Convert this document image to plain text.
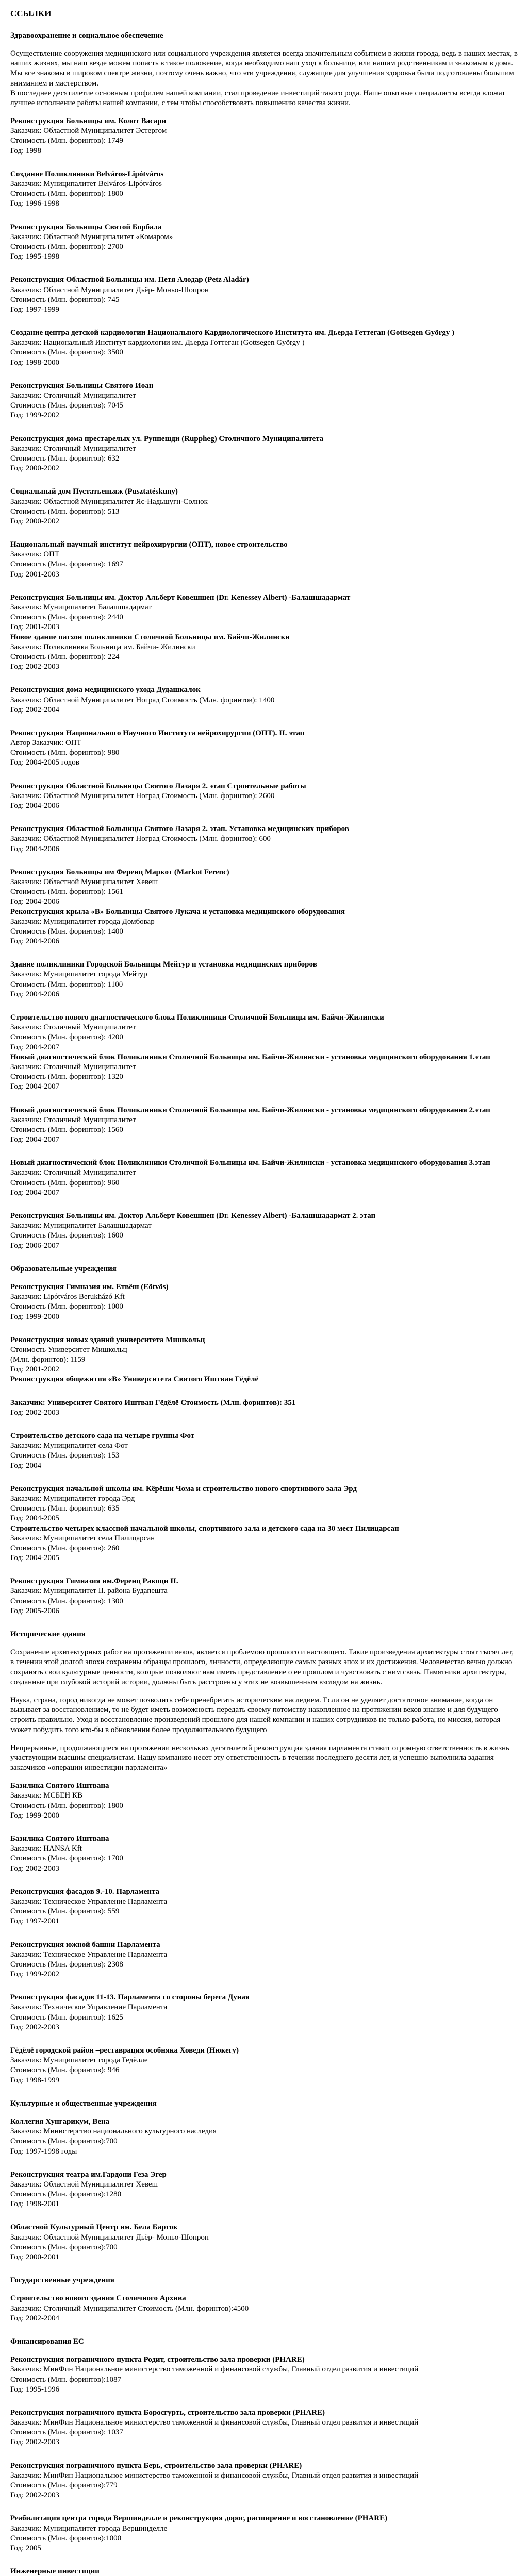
ССЫЛКИ
Здравоохранение и социальное обеспечение

Осуществление сооружения медицинского или социального учреждения является всегда значительным событием в жизни города, ведь в наших местах, в наших жизнях, мы наш везде можем попасть в такое положение, когда необходимо наш уход к больнице, или нашим родственникам и знакомым в дома. Мы все знакомы в широком спектре жизни, поэтому очень важно, что эти учреждения, служащие для улучшения здоровья были подготовлены большим вниманием и мастерством.
В последнее десятилетие основным профилем нашей компании, стал проведение инвестиций такого рода. Наше опытные специалисты всегда вложат лучшее исполнение работы нашей компании, с тем чтобы способствовать повышению качества жизни.

Реконструкция Больницы им. Колот Васари
Заказчик: Областной Муниципалитет Эстергом
Стоимость (Млн. форинтов): 1749
Год: 1998
Создание Поликлиники Belváros-Lipótváros
Заказчик: Муниципалитет Belváros-Lipótváros
Стоимость (Млн. форинтов): 1800
Год: 1996-1998
Реконструкция Больницы Святой Борбала
Заказчик: Областной Муниципалитет «Комаром»
Стоимость (Млн. форинтов): 2700
Год: 1995-1998
Реконструкция Областной Больницы им. Петя Алодар (Petz Aladár)
Заказчик: Областной Муниципалитет Дьёр- Моньо-Шопрон
Стоимость (Млн. форинтов): 745
Год: 1997-1999
Создание центра детской кардиологии Национального Кардиологического Института им. Дьерда Геттеган (Gottsegen György )
Заказчик: Национальный Институт кардиологии им. Дьерда Готтеган (Gottsegen György )
Стоимость (Млн. форинтов): 3500
Год: 1998-2000
Реконструкция Больницы Святого Иоан
Заказчик: Столичный Муниципалитет
Стоимость (Млн. форинтов): 7045
Год: 1999-2002
Реконструкция дома престарелых ул. Руппешди (Ruppheg) Столичного Муниципалитета
Заказчик: Столичный Муниципалитет
Стоимость (Млн. форинтов): 632
Год: 2000-2002
Социальный дом Пустатьеньяж (Pusztatéskuny)
Заказчик: Областной Муниципалитет Яс-Надьшугн-Солнок
Стоимость (Млн. форинтов): 513
Год: 2000-2002
Национальный научный институт нейрохирургии (ОПТ), новое строительство
Заказчик: ОПТ
Стоимость (Млн. форинтов): 1697
Год: 2001-2003
Реконструкция Больницы им. Доктор Альберт Ковешшен (Dr. Kenessey Albert) -Балашшадармат
Заказчик: Муниципалитет Балашшадармат
Стоимость (Млн. форинтов): 2440
Год: 2001-2003
Новое здание патхон поликлиники Столичной Больницы им. Байчи-Жилински
Заказчик: Поликлиника Больница им. Байчи- Жилински
Стоимость (Млн. форинтов): 224
Год: 2002-2003
Реконструкция дома медицинского ухода Дудашкалок
Заказчик: Областной Муниципалитет Ноград Стоимость (Млн. форинтов): 1400
Год: 2002-2004
Реконструкция Национального Научного Института нейрохирургии (ОПТ). II. этап
Автор Заказчик: ОПТ
Стоимость (Млн. форинтов): 980
Год: 2004-2005 годов
Реконструкция Областной Больницы Святого Лазаря 2. этап Строительные работы
Заказчик: Областной Муниципалитет Ноград Стоимость (Млн. форинтов): 2600
Год: 2004-2006
Реконструкция Областной Больницы Святого Лазаря 2. этап. Установка медицинских приборов
Заказчик: Областной Муниципалитет Ноград Стоимость (Млн. форинтов): 600
Год: 2004-2006
Реконструкция Больницы им Ференц Маркот (Markot Ferenc)
Заказчик: Областной Муниципалитет Хевеш
Стоимость (Млн. форинтов): 1561
Год: 2004-2006
Реконструкция крыла «В» Больницы Святого Лукача и установка медицинского оборудования
Заказчик: Муниципалитет города Домбовар
Стоимость (Млн. форинтов): 1400
Год: 2004-2006
Здание поликлиники Городской Больницы Мейтур и установка медицинских приборов
Заказчик: Муниципалитет города Мейтур
Стоимость (Млн. форинтов): 1100
Год: 2004-2006
Строительство нового диагностического блока Поликлиники Столичной Больницы им. Байчи-Жилински
Заказчик: Столичный Муниципалитет
Стоимость (Млн. форинтов): 4200
Год: 2004-2007
Новый диагностический блок Поликлиники Столичной Больницы им. Байчи-Жилински - установка медицинского оборудования 1.этап
Заказчик: Столичный Муниципалитет
Стоимость (Млн. форинтов): 1320
Год: 2004-2007
Новый диагностический блок Поликлиники Столичной Больницы им. Байчи-Жилински - установка медицинского оборудования 2.этап
Заказчик: Столичный Муниципалитет
Стоимость (Млн. форинтов): 1560
Год: 2004-2007
Новый диагностический блок Поликлиники Столичной Больницы им. Байчи-Жилински - установка медицинского оборудования 3.этап
Заказчик: Столичный Муниципалитет
Стоимость (Млн. форинтов): 960
Год: 2004-2007
Реконструкция Больницы им. Доктор Альберт Ковешшен (Dr. Kenessey Albert) -Балашшадармат 2. этап
Заказчик: Муниципалитет Балашшадармат
Стоимость (Млн. форинтов): 1600
Год: 2006-2007
Образовательные учреждения
Реконструкция Гимназия им. Етвёш (Eötvös)
Заказчик: Lipótváros Berukházó Kft
Стоимость (Млн. форинтов): 1000
Год: 1999-2000
Реконструкция новых зданий университета Мишкольц
Стоимость Университет Мишкольц
(Млн. форинтов): 1159
Год: 2001-2002
Реконструкция общежития «В» Университета Святого Иштван Гёдёлё
Заказчик: Университет Святого Иштван Гёдёлё Стоимость (Млн. форинтов): 351
Год: 2002-2003
Строительство детского сада на четыре группы Фот
Заказчик: Муниципалитет села Фот
Стоимость (Млн. форинтов): 153
Год: 2004
Реконструкция начальной школы им. Кёрёши Чома и строительство нового спортивного зала Эрд
Заказчик: Муниципалитет города Эрд
Стоимость (Млн. форинтов): 635
Год: 2004-2005
Строительство четырех классной начальной школы, спортивного зала и детского сада на 30 мест Пилицарсан
Заказчик: Муниципалитет села Пилицарсан
Стоимость (Млн. форинтов): 260
Год: 2004-2005
Реконструкция Гимназия им.Ференц Ракоци II.
Заказчик: Муниципалитет II. района Будапешта
Стоимость (Млн. форинтов): 1300
Год: 2005-2006
Исторические здания

Сохранение архитектурных работ на протяжении веков, является проблемою прошлого и настоящего. Такие произведения архитектуры стоят тысяч лет, в течении этой долгой эпохи сохранены образцы прошлого, личности, определяющие самых разных эпох и их достижения. Человечество вечно должно сохранять свои культурные ценности, которые позволяют нам иметь представление о ее прошлом и чувствовать с ним связь. Памятники архитектуры, созданные при глубокой историй истории, должны быть расстроены у этих не возвышенным взглядом на жизнь.

Наука, страна, город никогда не может позволить себе пренебрегать историческим наследием. Если он не уделяет достаточное внимание, когда он вызывает за восстановлением, то не будет иметь возможность передать своему потомству накопленное на протяжении веков знание и для будущего строить правильно. Уход и восстановление произведений прошлого для нашей компании и наших сотрудников не только работа, но миссия, которая может побудить того кто-бы в обновлении более продолжительного будущего

Непрерывные, продолжающиеся на протяжении нескольких десятилетий реконструкция здания парламента ставит огромную ответственность в жизнь участвующим высшим специалистам. Нашу компанию несет эту ответственность в течении последнего десяти лет, и успешно выполнила задания заказчиков «операции инвестиции парламента»

Базилика Святого Иштвана
Заказчик: МСБЕН КВ
Стоимость (Млн. форинтов): 1800
Год: 1999-2000
Базилика Святого Иштвана
Заказчик: HANSA Kft
Стоимость (Млн. форинтов): 1700
Год: 2002-2003
Реконструкция фасадов 9.-10. Парламента
Заказчик: Техническое Управление Парламента
Стоимость (Млн. форинтов): 559
Год: 1997-2001
Реконструкция южной башни Парламента
Заказчик: Техническое Управление Парламента
Стоимость (Млн. форинтов): 2308
Год: 1999-2002
Реконструкция фасадов 11-13. Парламента со стороны берега Дуная
Заказчик: Техническое Управление Парламента
Стоимость (Млн. форинтов): 1625
Год: 2002-2003
Гёдёлё городской район –реставрация особняка Ховеди (Нюкегу)
Заказчик: Муниципалитет города Гедёлле
Стоимость (Млн. форинтов): 946
Год: 1998-1999
Культурные и общественные учреждения
Коллегия Хунгарикум, Вена
Заказчик: Министерство национального культурного наследия
Стоимость (Млн. форинтов):700
Год: 1997-1998 годы
Реконструкция театра им.Гардони Геза Эгер
Заказчик: Областной Муниципалитет Хевеш
Стоимость (Млн. форинтов):1280
Год: 1998-2001
Областной Культурный Центр им. Бела Барток
Заказчик: Областной Муниципалитет Дьёр- Моньо-Шопрон
Стоимость (Млн. форинтов):700
Год: 2000-2001
Государственные учреждения
Строительство нового здания Столичного Архива
Заказчик: Столичный Муниципалитет Стоимость (Млн. форинтов):4500
Год: 2002-2004
Финансирования ЕС
Реконструкция пограничного пункта Родит, строительство зала проверки (PHARE)
Заказчик: МинФин Национальное министерство таможенной и финансовой службы, Главный отдел развития и инвестиций
Стоимость (Млн. форинтов):1087
Год: 1995-1996
Реконструкция пограничного пункта Боросгурть, строительство зала проверки (PHARE)
Заказчик: МинФин Национальное министерство таможенной и финансовой службы, Главный отдел развития и инвестиций
Стоимость (Млн. форинтов): 1037
Год: 2002-2003
Реконструкция пограничного пункта Берь, строительство зала проверки (PHARE)
Заказчик: МинФин Национальное министерство таможенной и финансовой службы, Главный отдел развития и инвестиций
Стоимость (Млн. форинтов):779
Год: 2002-2003
Реабилитация центра города Вершинделле и реконструкция дорог, расширение и восстановление (PHARE)
Заказчик: Муниципалитет города Вершинделле
Стоимость (Млн. форинтов):1000
Год: 2005
Инженерные инвестиции
